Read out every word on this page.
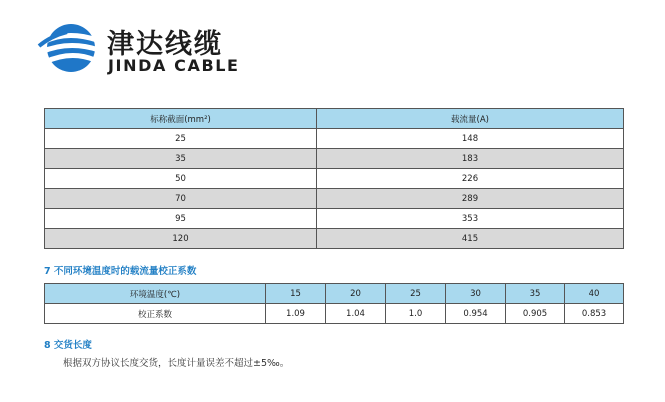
津达线缆
JINDA CABLE
标称截面(mm²)	载流量(A)
25	148
35	183
50	226
70	289
95	353
120	415
7 不同环境温度时的载流量校正系数
环境温度(℃)	15	20	25	30	35	40
校正系数	1.09	1.04	1.0	0.954	0.905	0.853
8 交货长度
根据双方协议长度交货，长度计量误差不超过±5‰。
